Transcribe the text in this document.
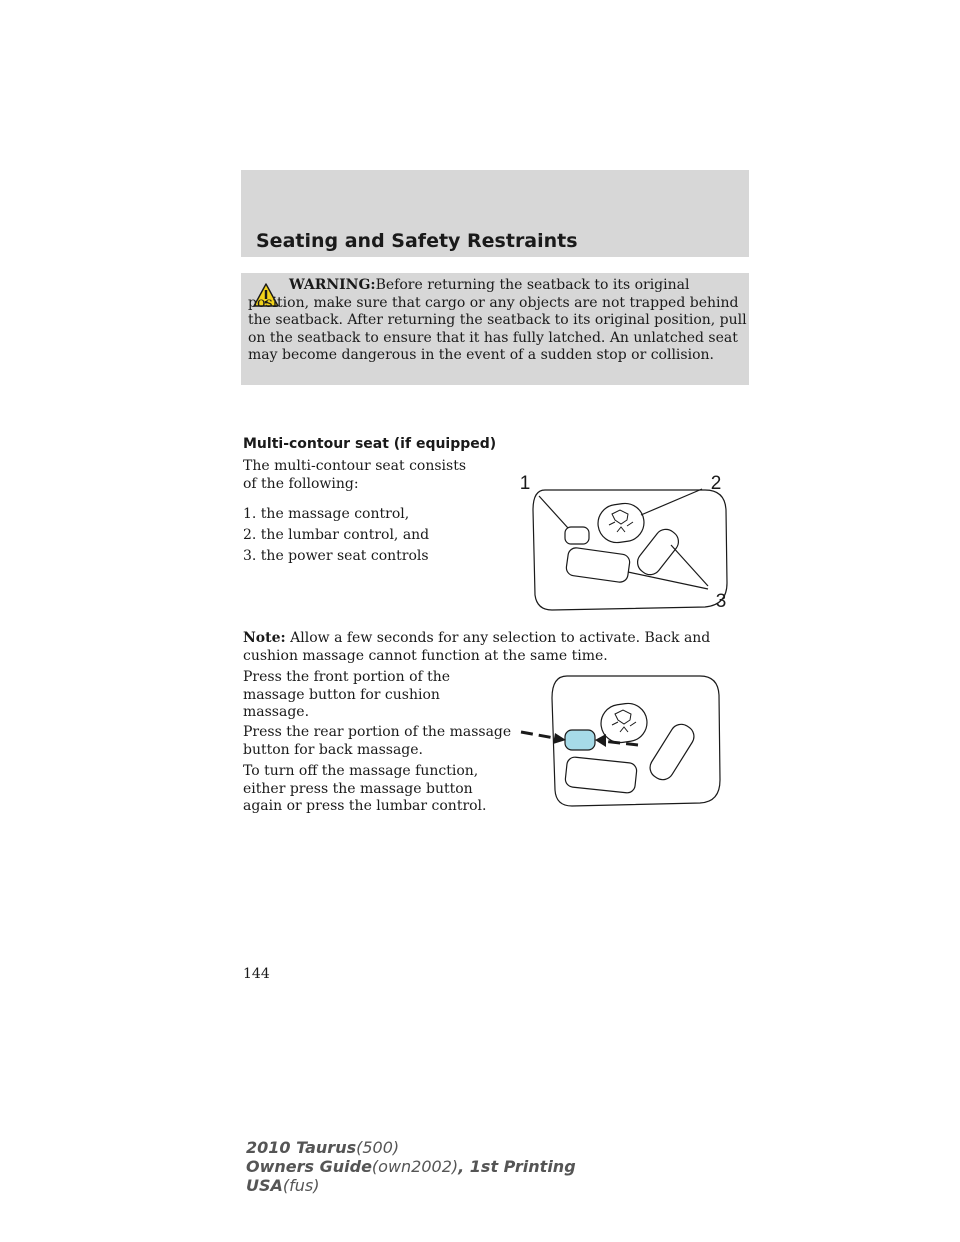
Seating and Safety Restraints
WARNING:Before returning the seatback to its original position, make sure that cargo or any objects are not trapped behind the seatback. After returning the seatback to its original position, pull on the seatback to ensure that it has fully latched. An unlatched seat may become dangerous in the event of a sudden stop or collision.
Multi-contour seat (if equipped)
The multi-contour seat consists of the following:
1. the massage control,
2. the lumbar control, and
3. the power seat controls
1	2
3
Note: Allow a few seconds for any selection to activate. Back and cushion massage cannot function at the same time.
Press the front portion of the massage button for cushion massage.
Press the rear portion of the massage button for back massage.
To turn off the massage function, either press the massage button again or press the lumbar control.
144
2010 Taurus(500)
Owners Guide(own2002), 1st Printing
USA(fus)
